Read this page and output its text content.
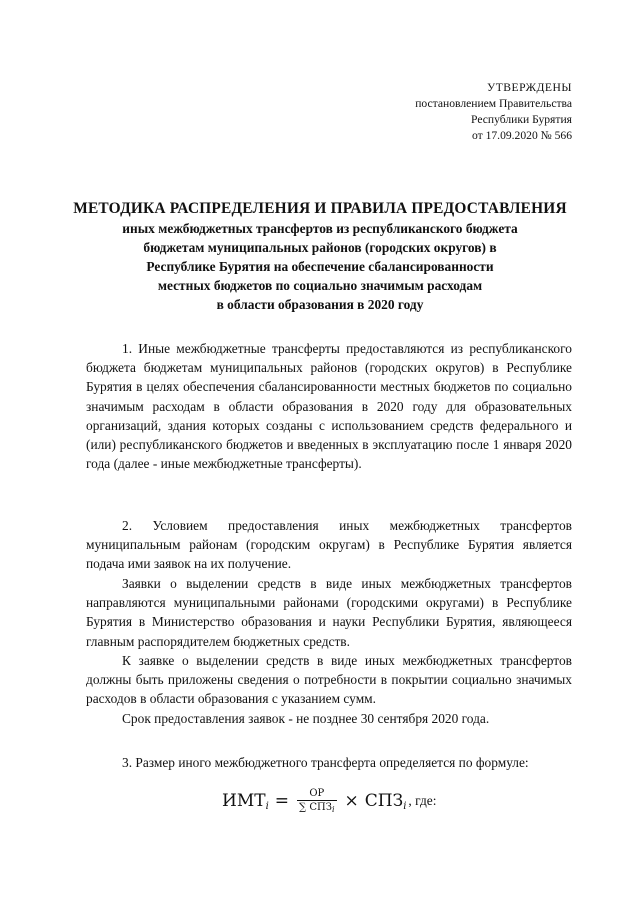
УТВЕРЖДЕНЫ
постановлением Правительства
Республики Бурятия
от 17.09.2020 № 566
МЕТОДИКА РАСПРЕДЕЛЕНИЯ И ПРАВИЛА ПРЕДОСТАВЛЕНИЯ
иных межбюджетных трансфертов из республиканского бюджета
бюджетам муниципальных районов (городских округов) в
Республике Бурятия на обеспечение сбалансированности
местных бюджетов по социально значимым расходам
в области образования в 2020 году

1. Иные межбюджетные трансферты предоставляются из республиканского бюджета бюджетам муниципальных районов (городских округов) в Республике Бурятия в целях обеспечения сбалансированности местных бюджетов по социально значимым расходам в области образования в 2020 году для образовательных организаций, здания которых созданы с использованием средств федерального и (или) республиканского бюджетов и введенных в эксплуатацию после 1 января 2020 года (далее - иные межбюджетные трансферты).

2. Условием предоставления иных межбюджетных трансфертов муниципальным районам (городским округам) в Республике Бурятия является подача ими заявок на их получение.

Заявки о выделении средств в виде иных межбюджетных трансфертов направляются муниципальными районами (городскими округами) в Республике Бурятия в Министерство образования и науки Республики Бурятия, являющееся главным распорядителем бюджетных средств.

К заявке о выделении средств в виде иных межбюджетных трансфертов должны быть приложены сведения о потребности в покрытии социально значимых расходов в области образования с указанием сумм.

Срок предоставления заявок - не позднее 30 сентября 2020 года.

3. Размер иного межбюджетного трансферта определяется по формуле:

ИМТi = $\frac{ОР}{\sum СПЗ_i}$ × СПЗi , где:
